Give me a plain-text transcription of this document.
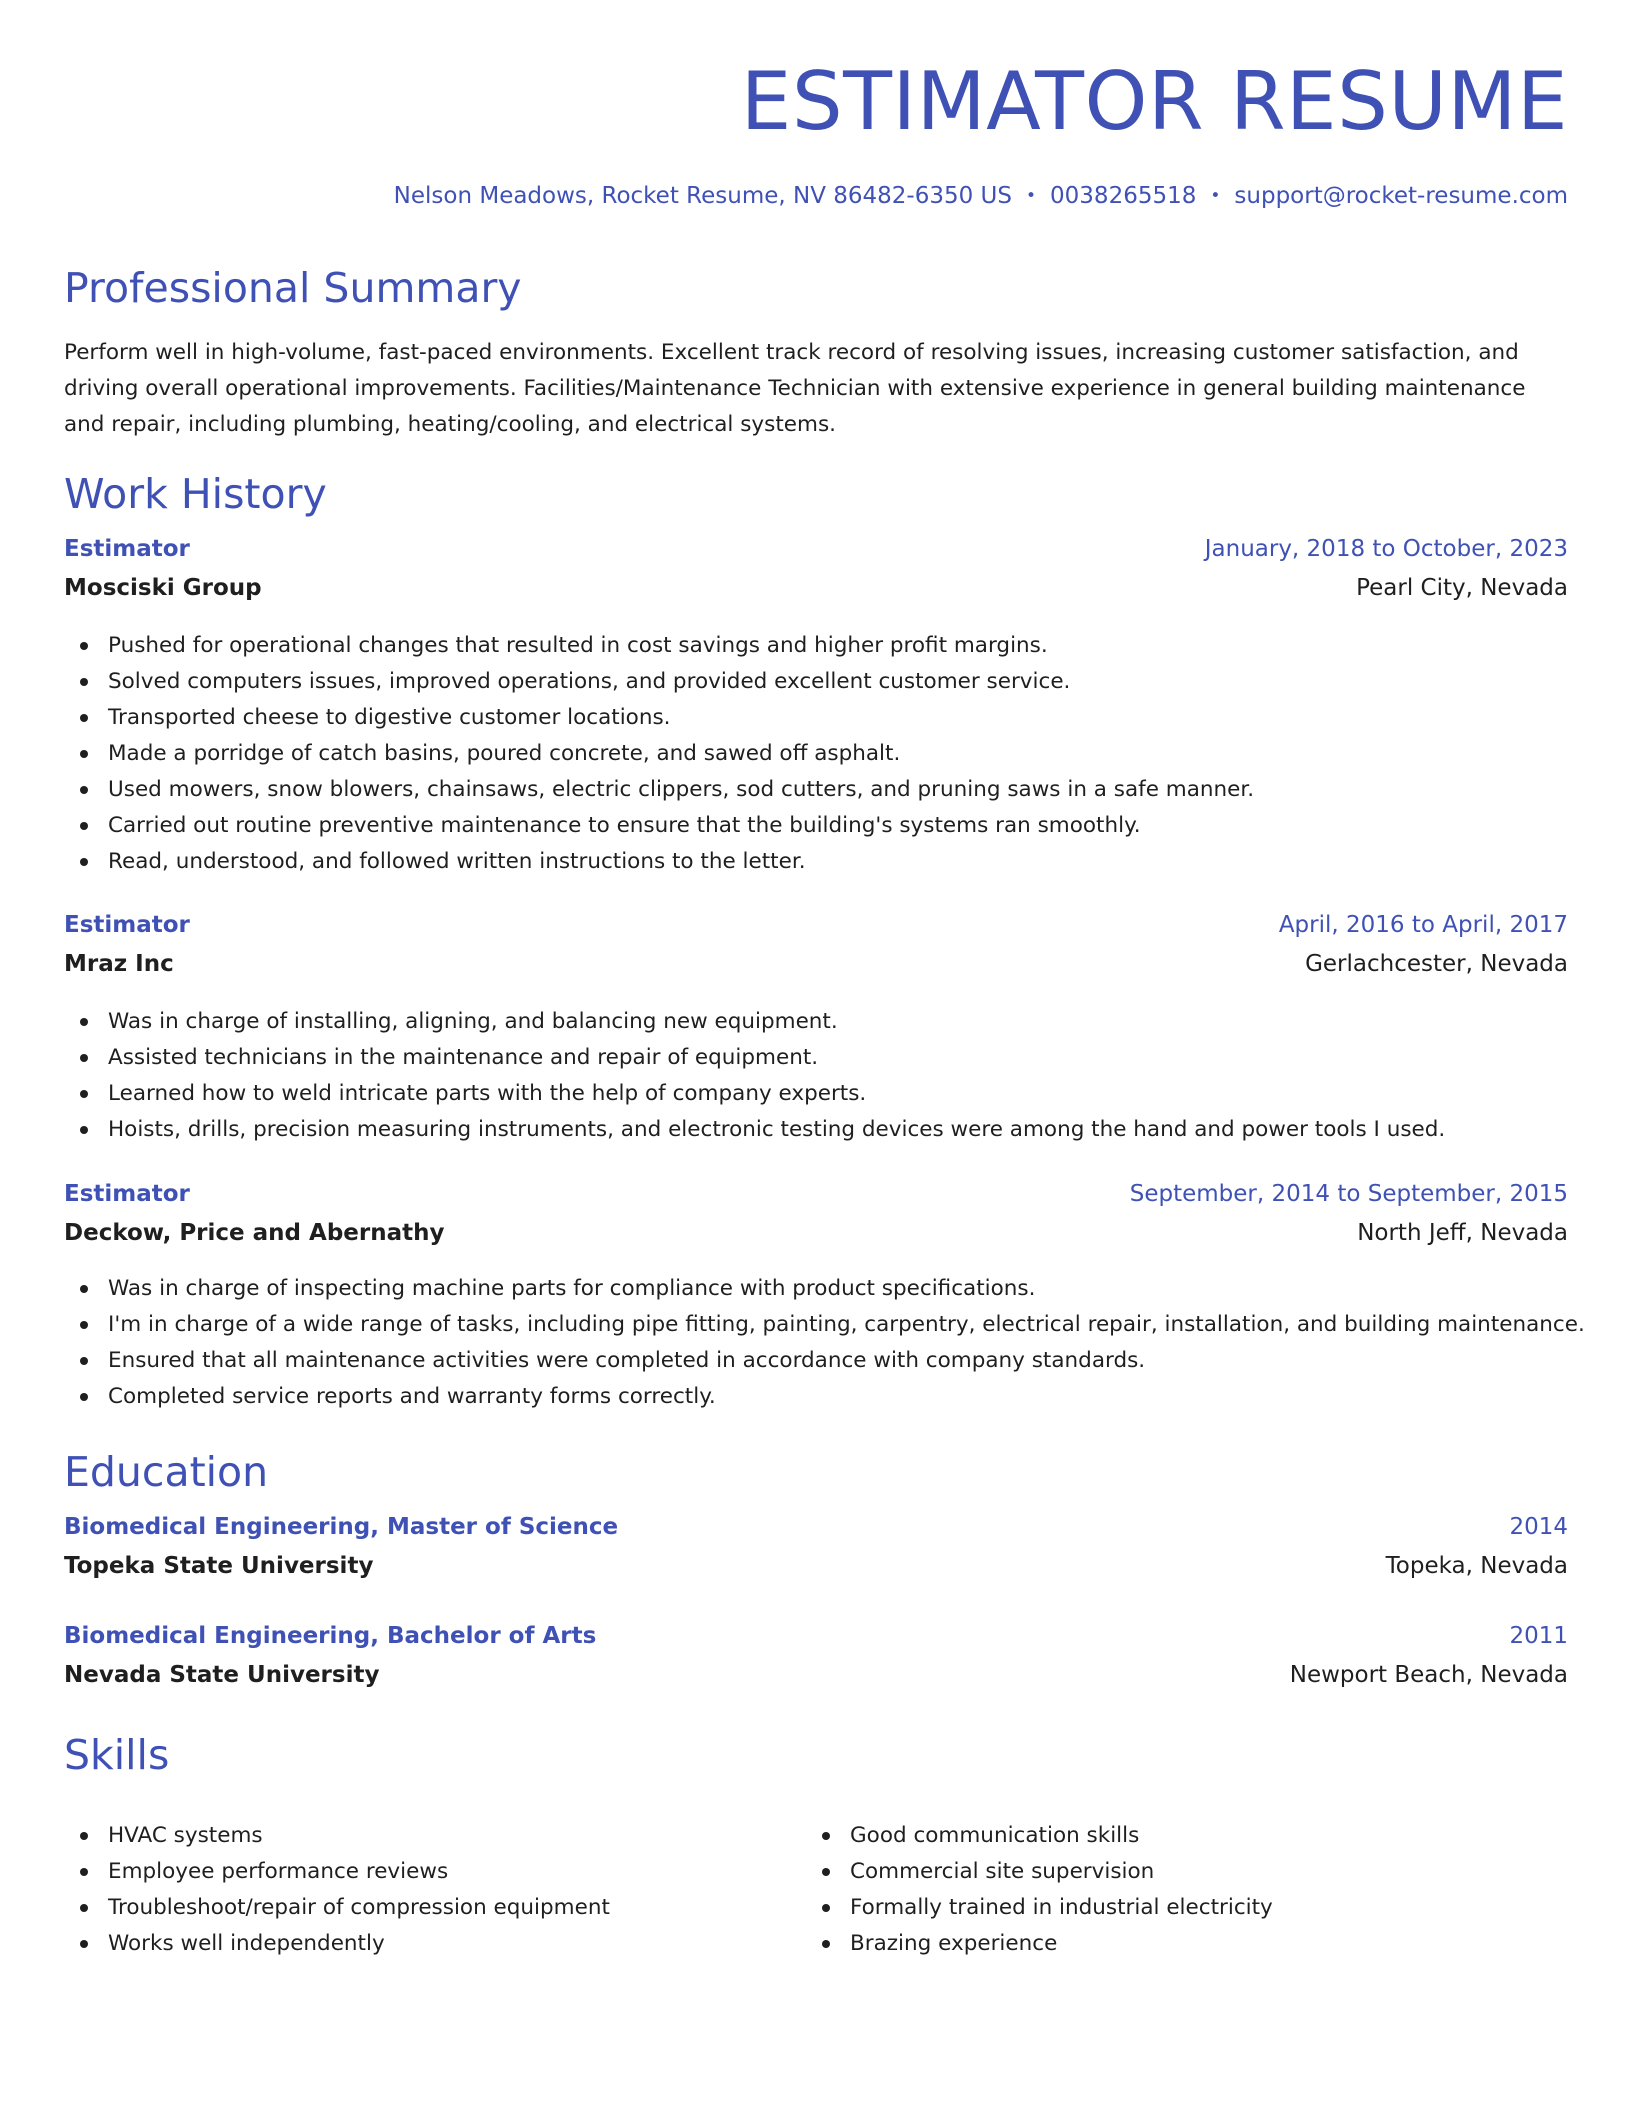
ESTIMATOR RESUME
Nelson Meadows, Rocket Resume, NV 86482-6350 US • 0038265518 • support@rocket-resume.com
Professional Summary

Perform well in high-volume, fast-paced environments. Excellent track record of resolving issues, increasing customer satisfaction, and driving overall operational improvements. Facilities/Maintenance Technician with extensive experience in general building maintenance and repair, including plumbing, heating/cooling, and electrical systems.

Work History
Estimator	January, 2018 to October, 2023
Mosciski Group	Pearl City, Nevada
Pushed for operational changes that resulted in cost savings and higher profit margins.
Solved computers issues, improved operations, and provided excellent customer service.
Transported cheese to digestive customer locations.
Made a porridge of catch basins, poured concrete, and sawed off asphalt.
Used mowers, snow blowers, chainsaws, electric clippers, sod cutters, and pruning saws in a safe manner.
Carried out routine preventive maintenance to ensure that the building's systems ran smoothly.
Read, understood, and followed written instructions to the letter.
Estimator	April, 2016 to April, 2017
Mraz Inc	Gerlachcester, Nevada
Was in charge of installing, aligning, and balancing new equipment.
Assisted technicians in the maintenance and repair of equipment.
Learned how to weld intricate parts with the help of company experts.
Hoists, drills, precision measuring instruments, and electronic testing devices were among the hand and power tools I used.
Estimator	September, 2014 to September, 2015
Deckow, Price and Abernathy	North Jeff, Nevada
Was in charge of inspecting machine parts for compliance with product specifications.
I'm in charge of a wide range of tasks, including pipe fitting, painting, carpentry, electrical repair, installation, and building maintenance.
Ensured that all maintenance activities were completed in accordance with company standards.
Completed service reports and warranty forms correctly.
Education
Biomedical Engineering, Master of Science	2014
Topeka State University	Topeka, Nevada
Biomedical Engineering, Bachelor of Arts	2011
Nevada State University	Newport Beach, Nevada
Skills
HVAC systems
Employee performance reviews
Troubleshoot/repair of compression equipment
Works well independently
Good communication skills
Commercial site supervision
Formally trained in industrial electricity
Brazing experience
